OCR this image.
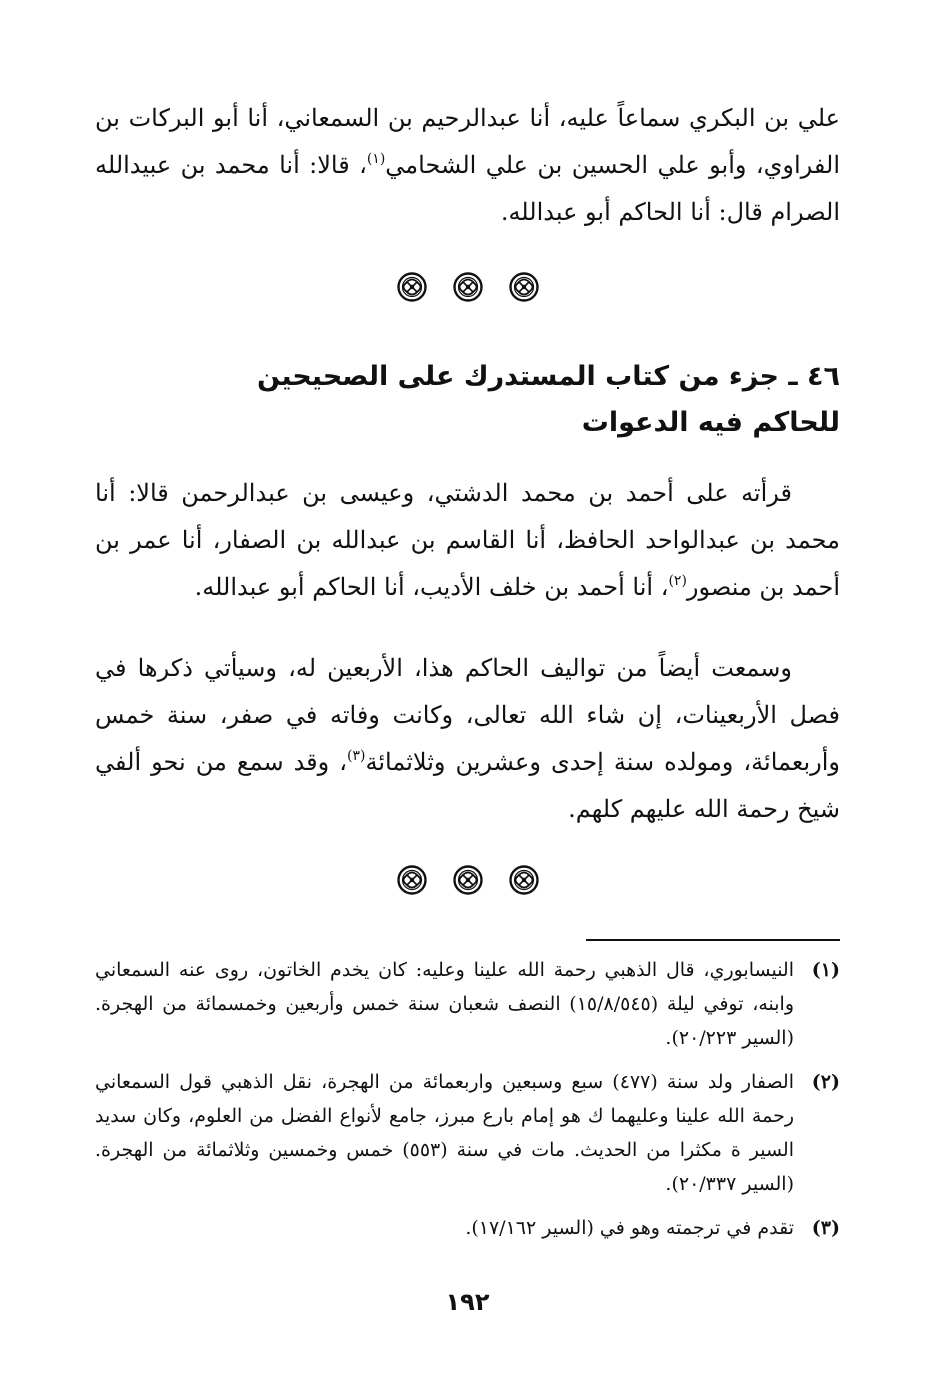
علي بن البكري سماعاً عليه، أنا عبدالرحيم بن السمعاني، أنا أبو البركات بن الفراوي، وأبو علي الحسين بن علي الشحامي$^{(١)}$، قالا: أنا محمد بن عبيدالله الصرام قال: أنا الحاكم أبو عبدالله.

٤٦ ـ جزء من كتاب المستدرك على الصحيحين

للحاكم فيه الدعوات

قرأته على أحمد بن محمد الدشتي، وعيسى بن عبدالرحمن قالا: أنا محمد بن عبدالواحد الحافظ، أنا القاسم بن عبدالله بن الصفار، أنا عمر بن أحمد بن منصور$^{(٢)}$، أنا أحمد بن خلف الأديب، أنا الحاكم أبو عبدالله.

وسمعت أيضاً من تواليف الحاكم هذا، الأربعين له، وسيأتي ذكرها في فصل الأربعينات، إن شاء الله تعالى، وكانت وفاته في صفر، سنة خمس وأربعمائة، ومولده سنة إحدى وعشرين وثلاثمائة$^{(٣)}$، وقد سمع من نحو ألفي شيخ رحمة الله عليهم كلهم.

(١)
النيسابوري، قال الذهبي رحمة الله علينا وعليه: كان يخدم الخاتون، روى عنه السمعاني وابنه، توفي ليلة (١٥/٨/٥٤٥) النصف شعبان سنة خمس وأربعين وخمسمائة من الهجرة. (السير ٢٠/٢٢٣).
(٢)
الصفار ولد سنة (٤٧٧) سبع وسبعين واربعمائة من الهجرة، نقل الذهبي قول السمعاني رحمة الله علينا وعليهما ك هو إمام بارع مبرز، جامع لأنواع الفضل من العلوم، وكان سديد السير ة مكثرا من الحديث. مات في سنة (٥٥٣) خمس وخمسين وثلاثمائة من الهجرة. (السير ٢٠/٣٣٧).
(٣)
تقدم في ترجمته وهو في (السير ١٧/١٦٢).
١٩٢
